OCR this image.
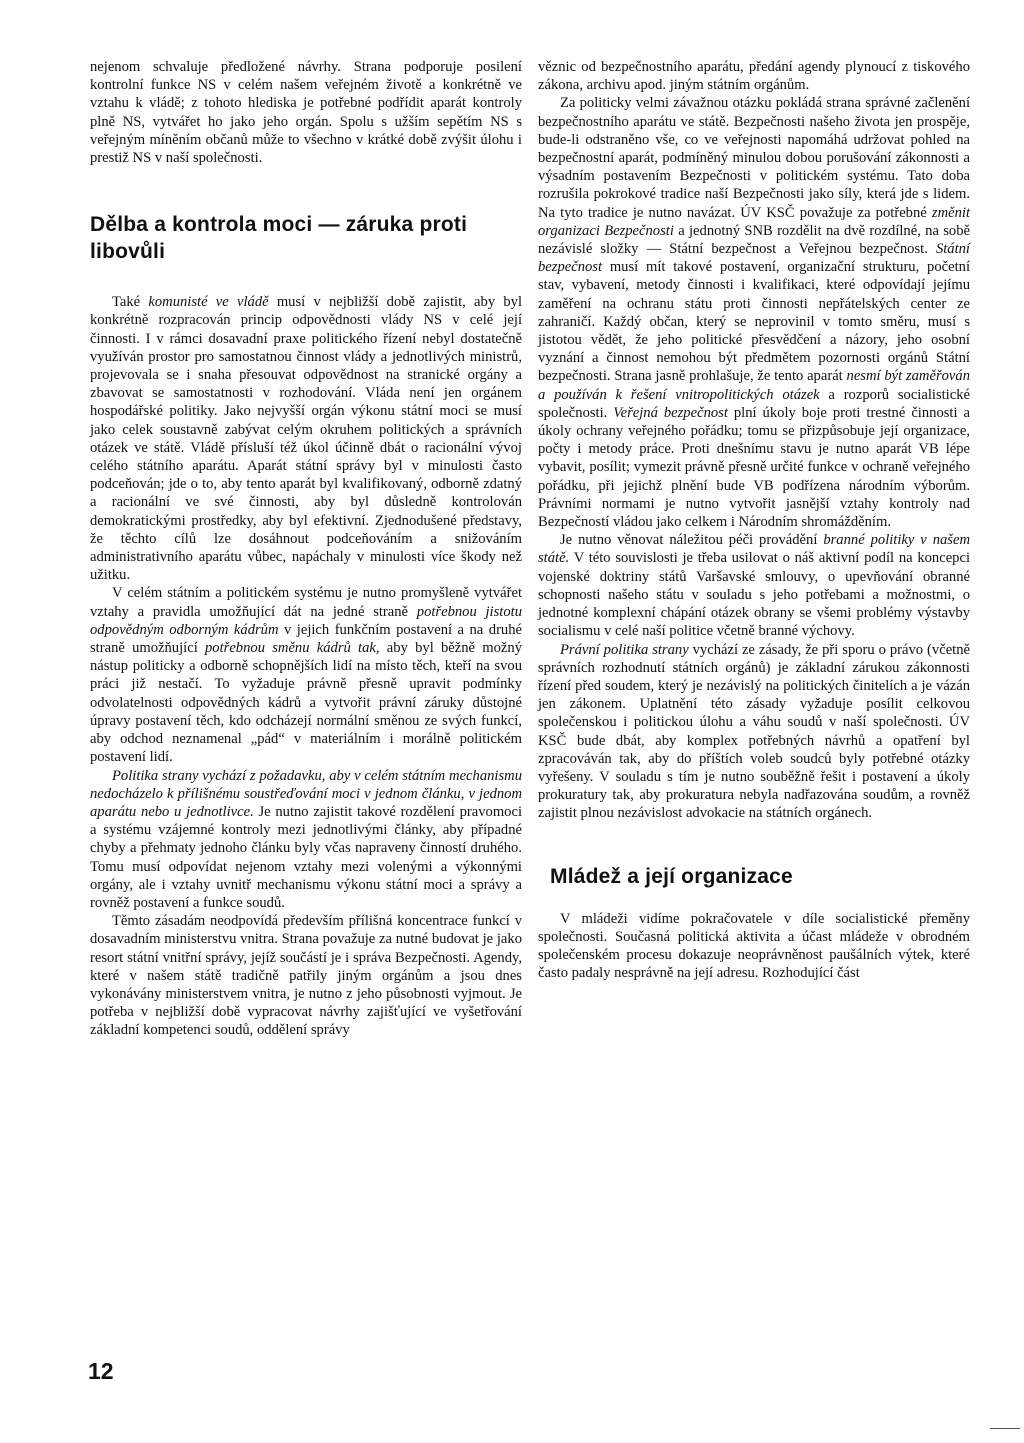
nejenom schvaluje předložené návrhy. Strana podporuje posilení kontrolní funkce NS v celém našem veřejném životě a konkrétně ve vztahu k vládě; z tohoto hlediska je potřebné podřídit aparát kontroly plně NS, vytvářet ho jako jeho orgán. Spolu s užším sepětím NS s veřejným míněním občanů může to všechno v krátké době zvýšit úlohu i prestiž NS v naší společnosti.

Dělba a kontrola moci — záruka proti libovůli

Také komunisté ve vládě musí v nejbližší době zajistit, aby byl konkrétně rozpracován princip odpovědnosti vlády NS v celé její činnosti. I v rámci dosavadní praxe politického řízení nebyl dostatečně využíván prostor pro samostatnou činnost vlády a jednotlivých ministrů, projevovala se i snaha přesouvat odpovědnost na stranické orgány a zbavovat se samostatnosti v rozhodování. Vláda není jen orgánem hospodářské politiky. Jako nejvyšší orgán výkonu státní moci se musí jako celek soustavně zabývat celým okruhem politických a správních otázek ve státě. Vládě přísluší též úkol účinně dbát o racionální vývoj celého státního aparátu. Aparát státní správy byl v minulosti často podceňován; jde o to, aby tento aparát byl kvalifikovaný, odborně zdatný a racionální ve své činnosti, aby byl důsledně kontrolován demokratickými prostředky, aby byl efektivní. Zjednodušené představy, že těchto cílů lze dosáhnout podceňováním a snižováním administrativního aparátu vůbec, napáchaly v minulosti více škody než užitku.

V celém státním a politickém systému je nutno promyšleně vytvářet vztahy a pravidla umožňující dát na jedné straně potřebnou jistotu odpovědným odborným kádrům v jejich funkčním postavení a na druhé straně umožňující potřebnou směnu kádrů tak, aby byl běžně možný nástup politicky a odborně schopnějších lidí na místo těch, kteří na svou práci již nestačí. To vyžaduje právně přesně upravit podmínky odvolatelnosti odpovědných kádrů a vytvořit právní záruky důstojné úpravy postavení těch, kdo odcházejí normální směnou ze svých funkcí, aby odchod neznamenal „pád“ v materiálním i morálně politickém postavení lidí.

Politika strany vychází z požadavku, aby v celém státním mechanismu nedocházelo k přílišnému soustřeďování moci v jednom článku, v jednom aparátu nebo u jednotlivce. Je nutno zajistit takové rozdělení pravomoci a systému vzájemné kontroly mezi jednotlivými články, aby případné chyby a přehmaty jednoho článku byly včas napraveny činností druhého. Tomu musí odpovídat nejenom vztahy mezi volenými a výkonnými orgány, ale i vztahy uvnitř mechanismu výkonu státní moci a správy a rovněž postavení a funkce soudů.

Těmto zásadám neodpovídá především přílišná koncentrace funkcí v dosavadním ministerstvu vnitra. Strana považuje za nutné budovat je jako resort státní vnitřní správy, jejíž součástí je i správa Bezpečnosti. Agendy, které v našem státě tradičně patřily jiným orgánům a jsou dnes vykonávány ministerstvem vnitra, je nutno z jeho působnosti vyjmout. Je potřeba v nejbližší době vypracovat návrhy zajišťující ve vyšetřování základní kompetenci soudů, oddělení správy

věznic od bezpečnostního aparátu, předání agendy plynoucí z tiskového zákona, archivu apod. jiným státním orgánům.

Za politicky velmi závažnou otázku pokládá strana správné začlenění bezpečnostního aparátu ve státě. Bezpečnosti našeho života jen prospěje, bude-li odstraněno vše, co ve veřejnosti napomáhá udržovat pohled na bezpečnostní aparát, podmíněný minulou dobou porušování zákonnosti a výsadním postavením Bezpečnosti v politickém systému. Tato doba rozrušila pokrokové tradice naší Bezpečnosti jako síly, která jde s lidem. Na tyto tradice je nutno navázat. ÚV KSČ považuje za potřebné změnit organizaci Bezpečnosti a jednotný SNB rozdělit na dvě rozdílné, na sobě nezávislé složky — Státní bezpečnost a Veřejnou bezpečnost. Státní bezpečnost musí mít takové postavení, organizační strukturu, početní stav, vybavení, metody činnosti i kvalifikaci, které odpovídají jejímu zaměření na ochranu státu proti činnosti nepřátelských center ze zahraničí. Každý občan, který se neprovinil v tomto směru, musí s jistotou vědět, že jeho politické přesvědčení a názory, jeho osobní vyznání a činnost nemohou být předmětem pozornosti orgánů Státní bezpečnosti. Strana jasně prohlašuje, že tento aparát nesmí být zaměřován a používán k řešení vnitropolitických otázek a rozporů socialistické společnosti. Veřejná bezpečnost plní úkoly boje proti trestné činnosti a úkoly ochrany veřejného pořádku; tomu se přizpůsobuje její organizace, počty i metody práce. Proti dnešnímu stavu je nutno aparát VB lépe vybavit, posílit; vymezit právně přesně určité funkce v ochraně veřejného pořádku, při jejichž plnění bude VB podřízena národním výborům. Právními normami je nutno vytvořit jasnější vztahy kontroly nad Bezpečností vládou jako celkem i Národním shromážděním.

Je nutno věnovat náležitou péči provádění branné politiky v našem státě. V této souvislosti je třeba usilovat o náš aktivní podíl na koncepci vojenské doktriny států Varšavské smlouvy, o upevňování obranné schopnosti našeho státu v souladu s jeho potřebami a možnostmi, o jednotné komplexní chápání otázek obrany se všemi problémy výstavby socialismu v celé naší politice včetně branné výchovy.

Právní politika strany vychází ze zásady, že při sporu o právo (včetně správních rozhodnutí státních orgánů) je základní zárukou zákonnosti řízení před soudem, který je nezávislý na politických činitelích a je vázán jen zákonem. Uplatnění této zásady vyžaduje posílit celkovou společenskou i politickou úlohu a váhu soudů v naší společnosti. ÚV KSČ bude dbát, aby komplex potřebných návrhů a opatření byl zpracováván tak, aby do příštích voleb soudců byly potřebné otázky vyřešeny. V souladu s tím je nutno souběžně řešit i postavení a úkoly prokuratury tak, aby prokuratura nebyla nadřazována soudům, a rovněž zajistit plnou nezávislost advokacie na státních orgánech.

Mládež a její organizace

V mládeži vidíme pokračovatele v díle socialistické přeměny společnosti. Současná politická aktivita a účast mládeže v obrodném společenském procesu dokazuje neoprávněnost paušálních výtek, které často padaly nesprávně na její adresu. Rozhodující část

12
